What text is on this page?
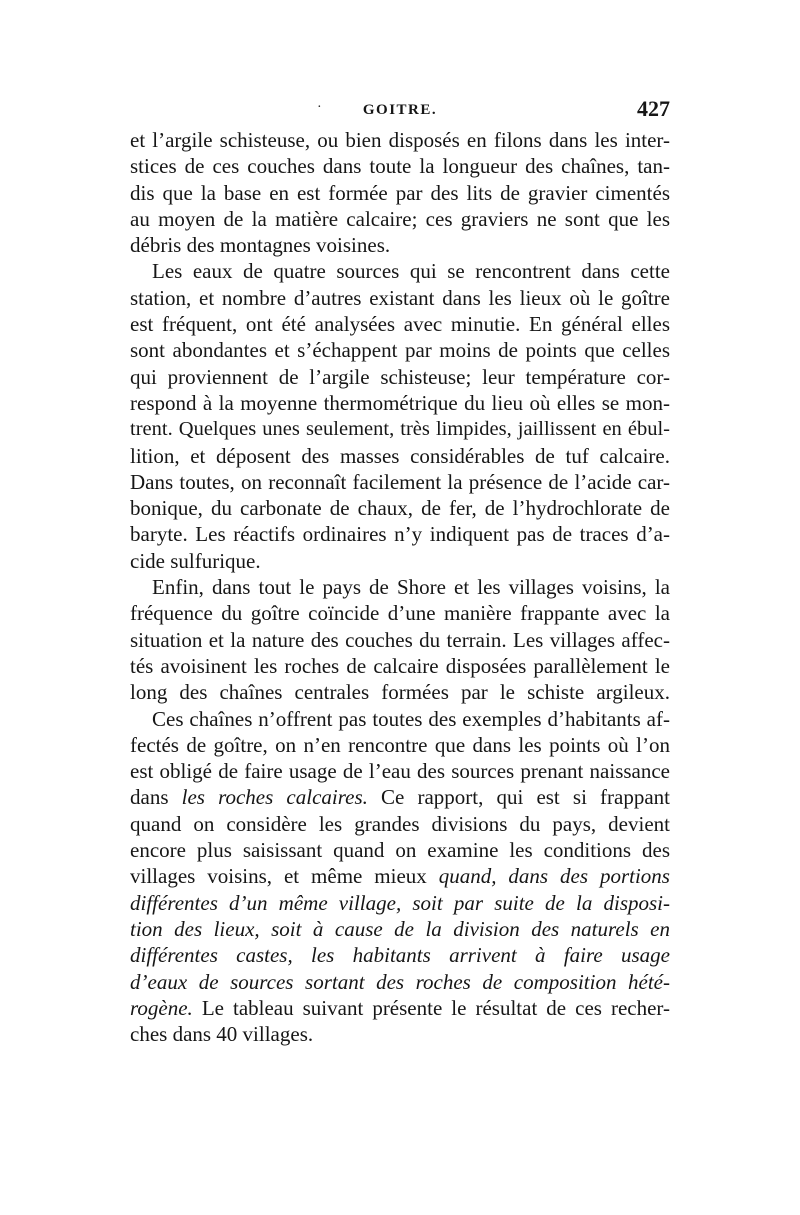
·	GOITRE.	427
et l’argile schisteuse, ou bien disposés en filons dans les inter-
stices de ces couches dans toute la longueur des chaînes, tan-
dis que la base en est formée par des lits de gravier cimentés
au moyen de la matière calcaire; ces graviers ne sont que les
débris des montagnes voisines.
Les eaux de quatre sources qui se rencontrent dans cette
station, et nombre d’autres existant dans les lieux où le goître
est fréquent, ont été analysées avec minutie. En général elles
sont abondantes et s’échappent par moins de points que celles
qui proviennent de l’argile schisteuse; leur température cor-
respond à la moyenne thermométrique du lieu où elles se mon-
trent. Quelques unes seulement, très limpides, jaillissent en ébul-
lition, et déposent des masses considérables de tuf calcaire.
Dans toutes, on reconnaît facilement la présence de l’acide car-
bonique, du carbonate de chaux, de fer, de l’hydrochlorate de
baryte. Les réactifs ordinaires n’y indiquent pas de traces d’a-
cide sulfurique.
Enfin, dans tout le pays de Shore et les villages voisins, la
fréquence du goître coïncide d’une manière frappante avec la
situation et la nature des couches du terrain. Les villages affec-
tés avoisinent les roches de calcaire disposées parallèlement le
long des chaînes centrales formées par le schiste argileux.
Ces chaînes n’offrent pas toutes des exemples d’habitants af-
fectés de goître, on n’en rencontre que dans les points où l’on
est obligé de faire usage de l’eau des sources prenant naissance
dans les roches calcaires. Ce rapport, qui est si frappant
quand on considère les grandes divisions du pays, devient
encore plus saisissant quand on examine les conditions des
villages voisins, et même mieux quand, dans des portions
différentes d’un même village, soit par suite de la disposi-
tion des lieux, soit à cause de la division des naturels en
différentes castes, les habitants arrivent à faire usage
d’eaux de sources sortant des roches de composition hété-
rogène. Le tableau suivant présente le résultat de ces recher-
ches dans 40 villages.
